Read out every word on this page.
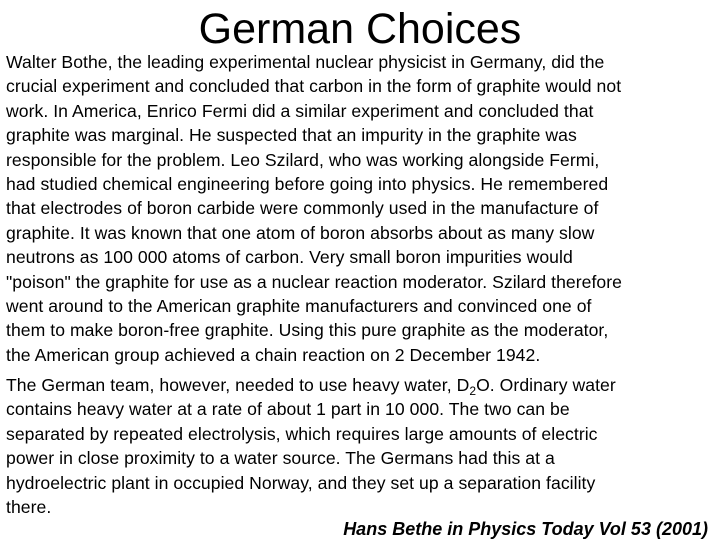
German Choices

Walter Bothe, the leading experimental nuclear physicist in Germany, did the
crucial experiment and concluded that carbon in the form of graphite would not
work. In America, Enrico Fermi did a similar experiment and concluded that
graphite was marginal. He suspected that an impurity in the graphite was
responsible for the problem. Leo Szilard, who was working alongside Fermi,
had studied chemical engineering before going into physics. He remembered
that electrodes of boron carbide were commonly used in the manufacture of
graphite. It was known that one atom of boron absorbs about as many slow
neutrons as 100 000 atoms of carbon. Very small boron impurities would
"poison" the graphite for use as a nuclear reaction moderator. Szilard therefore
went around to the American graphite manufacturers and convinced one of
them to make boron-free graphite. Using this pure graphite as the moderator,
the American group achieved a chain reaction on 2 December 1942.

The German team, however, needed to use heavy water, $D_2O$. Ordinary water
contains heavy water at a rate of about 1 part in 10 000. The two can be
separated by repeated electrolysis, which requires large amounts of electric
power in close proximity to a water source. The Germans had this at a
hydroelectric plant in occupied Norway, and they set up a separation facility
there.

Hans Bethe in Physics Today Vol 53 (2001)
